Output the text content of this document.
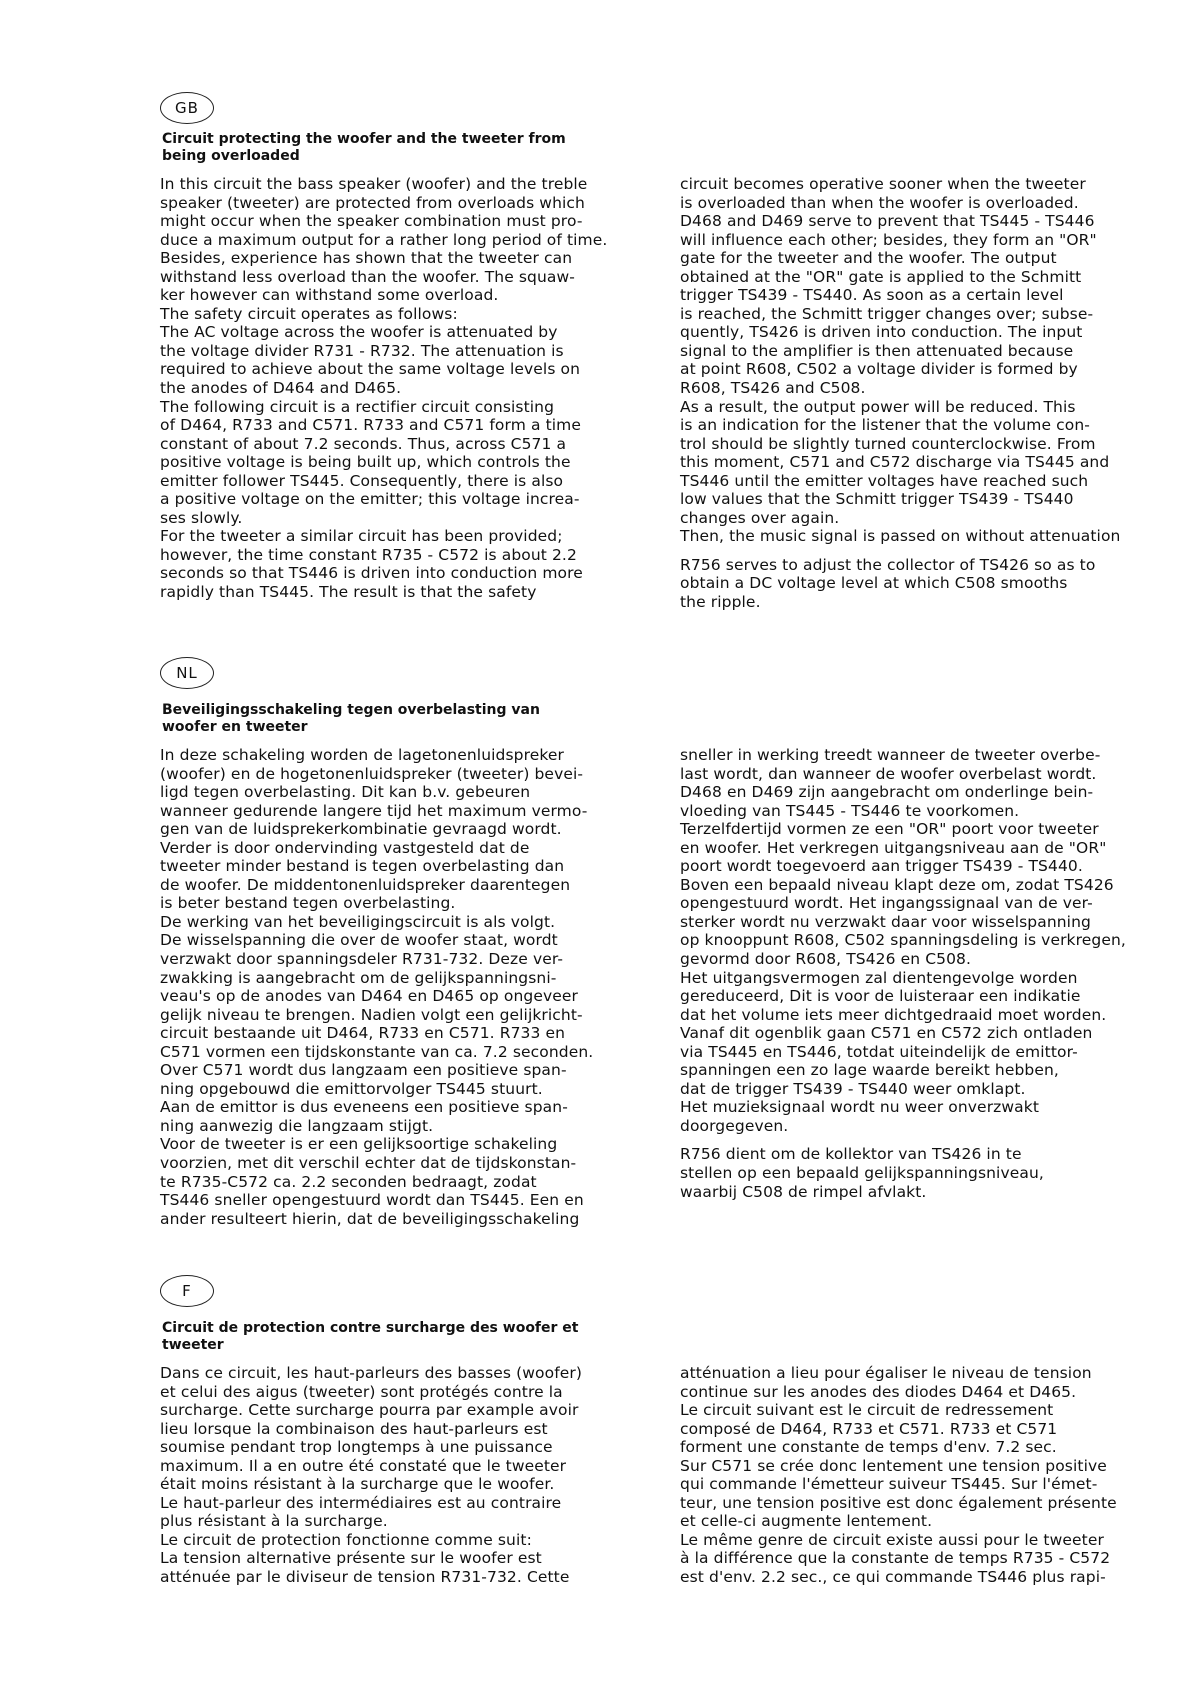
GB
Circuit protecting the woofer and the tweeter from
being overloaded
In this circuit the bass speaker (woofer) and the treble
speaker (tweeter) are protected from overloads which
might occur when the speaker combination must pro-
duce a maximum output for a rather long period of time.
Besides, experience has shown that the tweeter can
withstand less overload than the woofer. The squaw-
ker however can withstand some overload.
The safety circuit operates as follows:
The AC voltage across the woofer is attenuated by
the voltage divider R731 - R732. The attenuation is
required to achieve about the same voltage levels on
the anodes of D464 and D465.
The following circuit is a rectifier circuit consisting
of D464, R733 and C571. R733 and C571 form a time
constant of about 7.2 seconds. Thus, across C571 a
positive voltage is being built up, which controls the
emitter follower TS445. Consequently, there is also
a positive voltage on the emitter; this voltage increa-
ses slowly.
For the tweeter a similar circuit has been provided;
however, the time constant R735 - C572 is about 2.2
seconds so that TS446 is driven into conduction more
rapidly than TS445. The result is that the safety
circuit becomes operative sooner when the tweeter
is overloaded than when the woofer is overloaded.
D468 and D469 serve to prevent that TS445 - TS446
will influence each other; besides, they form an "OR"
gate for the tweeter and the woofer. The output
obtained at the "OR" gate is applied to the Schmitt
trigger TS439 - TS440. As soon as a certain level
is reached, the Schmitt trigger changes over; subse-
quently, TS426 is driven into conduction. The input
signal to the amplifier is then attenuated because
at point R608, C502 a voltage divider is formed by
R608, TS426 and C508.
As a result, the output power will be reduced. This
is an indication for the listener that the volume con-
trol should be slightly turned counterclockwise. From
this moment, C571 and C572 discharge via TS445 and
TS446 until the emitter voltages have reached such
low values that the Schmitt trigger TS439 - TS440
changes over again.
Then, the music signal is passed on without attenuation
R756 serves to adjust the collector of TS426 so as to
obtain a DC voltage level at which C508 smooths
the ripple.
NL
Beveiligingsschakeling tegen overbelasting van
woofer en tweeter
In deze schakeling worden de lagetonenluidspreker
(woofer) en de hogetonenluidspreker (tweeter) bevei-
ligd tegen overbelasting. Dit kan b.v. gebeuren
wanneer gedurende langere tijd het maximum vermo-
gen van de luidsprekerkombinatie gevraagd wordt.
Verder is door ondervinding vastgesteld dat de
tweeter minder bestand is tegen overbelasting dan
de woofer. De middentonenluidspreker daarentegen
is beter bestand tegen overbelasting.
De werking van het beveiligingscircuit is als volgt.
De wisselspanning die over de woofer staat, wordt
verzwakt door spanningsdeler R731-732. Deze ver-
zwakking is aangebracht om de gelijkspanningsni-
veau's op de anodes van D464 en D465 op ongeveer
gelijk niveau te brengen. Nadien volgt een gelijkricht-
circuit bestaande uit D464, R733 en C571. R733 en
C571 vormen een tijdskonstante van ca. 7.2 seconden.
Over C571 wordt dus langzaam een positieve span-
ning opgebouwd die emittorvolger TS445 stuurt.
Aan de emittor is dus eveneens een positieve span-
ning aanwezig die langzaam stijgt.
Voor de tweeter is er een gelijksoortige schakeling
voorzien, met dit verschil echter dat de tijdskonstan-
te R735-C572 ca. 2.2 seconden bedraagt, zodat
TS446 sneller opengestuurd wordt dan TS445. Een en
ander resulteert hierin, dat de beveiligingsschakeling
sneller in werking treedt wanneer de tweeter overbe-
last wordt, dan wanneer de woofer overbelast wordt.
D468 en D469 zijn aangebracht om onderlinge bein-
vloeding van TS445 - TS446 te voorkomen.
Terzelfdertijd vormen ze een "OR" poort voor tweeter
en woofer. Het verkregen uitgangsniveau aan de "OR"
poort wordt toegevoerd aan trigger TS439 - TS440.
Boven een bepaald niveau klapt deze om, zodat TS426
opengestuurd wordt. Het ingangssignaal van de ver-
sterker wordt nu verzwakt daar voor wisselspanning
op knooppunt R608, C502 spanningsdeling is verkregen,
gevormd door R608, TS426 en C508.
Het uitgangsvermogen zal dientengevolge worden
gereduceerd, Dit is voor de luisteraar een indikatie
dat het volume iets meer dichtgedraaid moet worden.
Vanaf dit ogenblik gaan C571 en C572 zich ontladen
via TS445 en TS446, totdat uiteindelijk de emittor-
spanningen een zo lage waarde bereikt hebben,
dat de trigger TS439 - TS440 weer omklapt.
Het muzieksignaal wordt nu weer onverzwakt
doorgegeven.
R756 dient om de kollektor van TS426 in te
stellen op een bepaald gelijkspanningsniveau,
waarbij C508 de rimpel afvlakt.
F
Circuit de protection contre surcharge des woofer et
tweeter
Dans ce circuit, les haut-parleurs des basses (woofer)
et celui des aigus (tweeter) sont protégés contre la
surcharge. Cette surcharge pourra par example avoir
lieu lorsque la combinaison des haut-parleurs est
soumise pendant trop longtemps à une puissance
maximum. Il a en outre été constaté que le tweeter
était moins résistant à la surcharge que le woofer.
Le haut-parleur des intermédiaires est au contraire
plus résistant à la surcharge.
Le circuit de protection fonctionne comme suit:
La tension alternative présente sur le woofer est
atténuée par le diviseur de tension R731-732. Cette
atténuation a lieu pour égaliser le niveau de tension
continue sur les anodes des diodes D464 et D465.
Le circuit suivant est le circuit de redressement
composé de D464, R733 et C571. R733 et C571
forment une constante de temps d'env. 7.2 sec.
Sur C571 se crée donc lentement une tension positive
qui commande l'émetteur suiveur TS445. Sur l'émet-
teur, une tension positive est donc également présente
et celle-ci augmente lentement.
Le même genre de circuit existe aussi pour le tweeter
à la différence que la constante de temps R735 - C572
est d'env. 2.2 sec., ce qui commande TS446 plus rapi-
